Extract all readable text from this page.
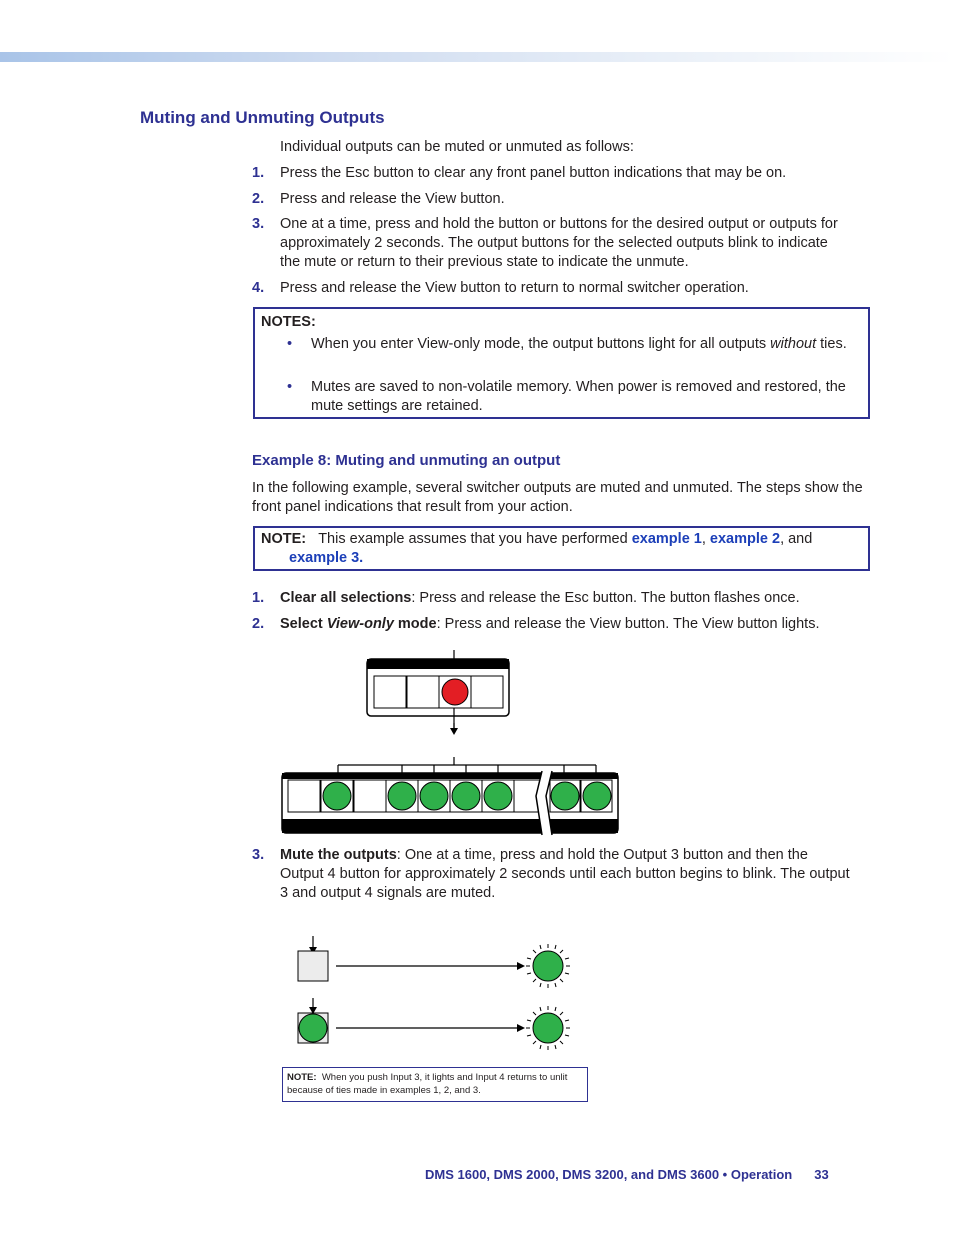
Muting and Unmuting Outputs
Individual outputs can be muted or unmuted as follows:
1. Press the Esc button to clear any front panel button indications that may be on.
2. Press and release the View button.
3. One at a time, press and hold the button or buttons for the desired output or outputs for approximately 2 seconds. The output buttons for the selected outputs blink to indicate the mute or return to their previous state to indicate the unmute.
4. Press and release the View button to return to normal switcher operation.
NOTES:
• When you enter View-only mode, the output buttons light for all outputs without ties.
• Mutes are saved to non-volatile memory. When power is removed and restored, the mute settings are retained.
Example 8: Muting and unmuting an output
In the following example, several switcher outputs are muted and unmuted. The steps show the front panel indications that result from your action.
NOTE: This example assumes that you have performed example 1, example 2, and
example 3.
1. Clear all selections: Press and release the Esc button. The button flashes once.
2. Select View-only mode: Press and release the View button. The View button lights.
3. Mute the outputs: One at a time, press and hold the Output 3 button and then the Output 4 button for approximately 2 seconds until each button begins to blink. The output 3 and output 4 signals are muted.
NOTE: When you push Input 3, it lights and Input 4 returns to unlit because of ties made in examples 1, 2, and 3.
DMS 1600, DMS 2000, DMS 3200, and DMS 3600 • Operation 33
